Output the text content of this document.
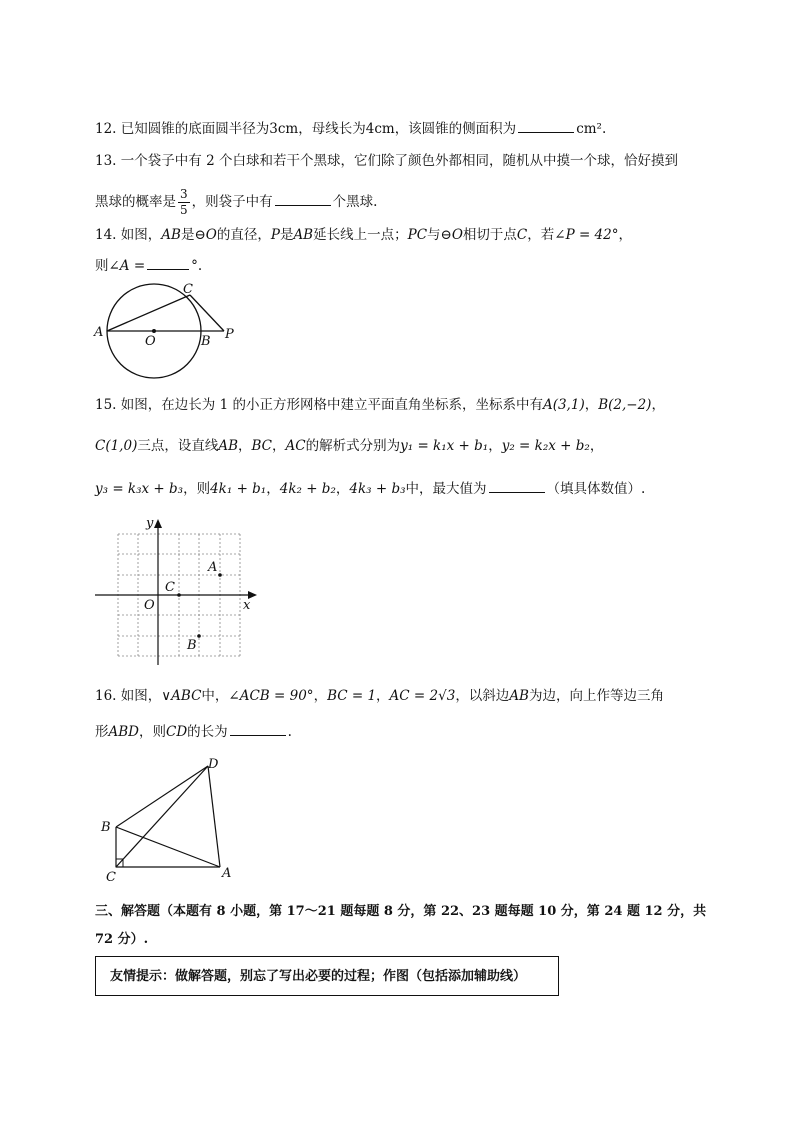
12. 已知圆锥的底面圆半径为3cm，母线长为4cm，该圆锥的侧面积为	cm².
13. 一个袋子中有 2 个白球和若干个黑球，它们除了颜色外都相同，随机从中摸一个球，恰好摸到
黑球的概率是 $\frac{3}{5}$ ，则袋子中有	个黑球.
14. 如图，AB是⊖O的直径，P是AB延长线上一点；PC与⊖O相切于点C，若∠P = 42°，
则∠A =	°.
A
O	B P
C
15. 如图，在边长为 1 的小正方形网格中建立平面直角坐标系，坐标系中有A(3,1)，B(2,−2)，
C(1,0)三点，设直线AB，BC，AC的解析式分别为y₁ = k₁x + b₁，y₂ = k₂x + b₂，
y₃ = k₃x + b₃，则4k₁ + b₁，4k₂ + b₂，4k₃ + b₃中，最大值为	（填具体数值）.
y
x
O
A
B
C
16. 如图，∨ABC中，∠ACB = 90°，BC = 1，AC = 2√3，以斜边AB为边，向上作等边三角
形ABD，则CD的长为	.
D
B
C	A
三、解答题（本题有 8 小题，第 17～21 题每题 8 分，第 22、23 题每题 10 分，第 24 题 12 分，共
72 分）.
友情提示：做解答题，别忘了写出必要的过程；作图（包括添加辅助线）
